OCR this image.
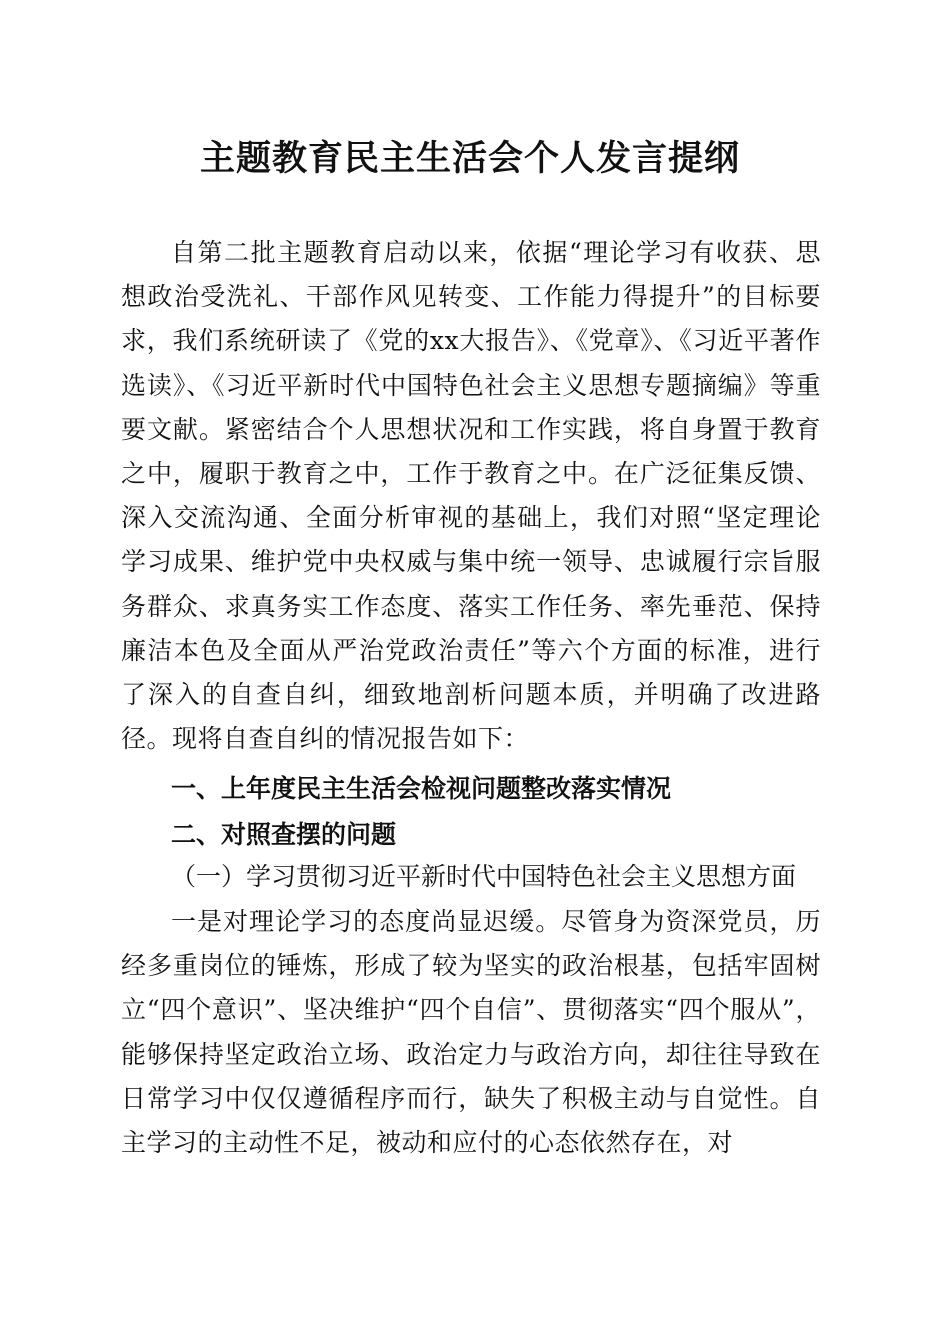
主题教育民主生活会个人发言提纲

自第二批主题教育启动以来，依据“理论学习有收获、思想政治受洗礼、干部作风见转变、工作能力得提升”的目标要求，我们系统研读了《党的xx大报告》、《党章》、《习近平著作选读》、《习近平新时代中国特色社会主义思想专题摘编》等重要文献。紧密结合个人思想状况和工作实践，将自身置于教育之中，履职于教育之中，工作于教育之中。在广泛征集反馈、深入交流沟通、全面分析审视的基础上，我们对照“坚定理论学习成果、维护党中央权威与集中统一领导、忠诚履行宗旨服务群众、求真务实工作态度、落实工作任务、率先垂范、保持廉洁本色及全面从严治党政治责任”等六个方面的标准，进行了深入的自查自纠，细致地剖析问题本质，并明确了改进路径。现将自查自纠的情况报告如下：

一、上年度民主生活会检视问题整改落实情况

二、对照查摆的问题

（一）学习贯彻习近平新时代中国特色社会主义思想方面

一是对理论学习的态度尚显迟缓。尽管身为资深党员，历经多重岗位的锤炼，形成了较为坚实的政治根基，包括牢固树立“四个意识”、坚决维护“四个自信”、贯彻落实“四个服从”，能够保持坚定政治立场、政治定力与政治方向，却往往导致在日常学习中仅仅遵循程序而行，缺失了积极主动与自觉性。自主学习的主动性不足，被动和应付的心态依然存在，对
